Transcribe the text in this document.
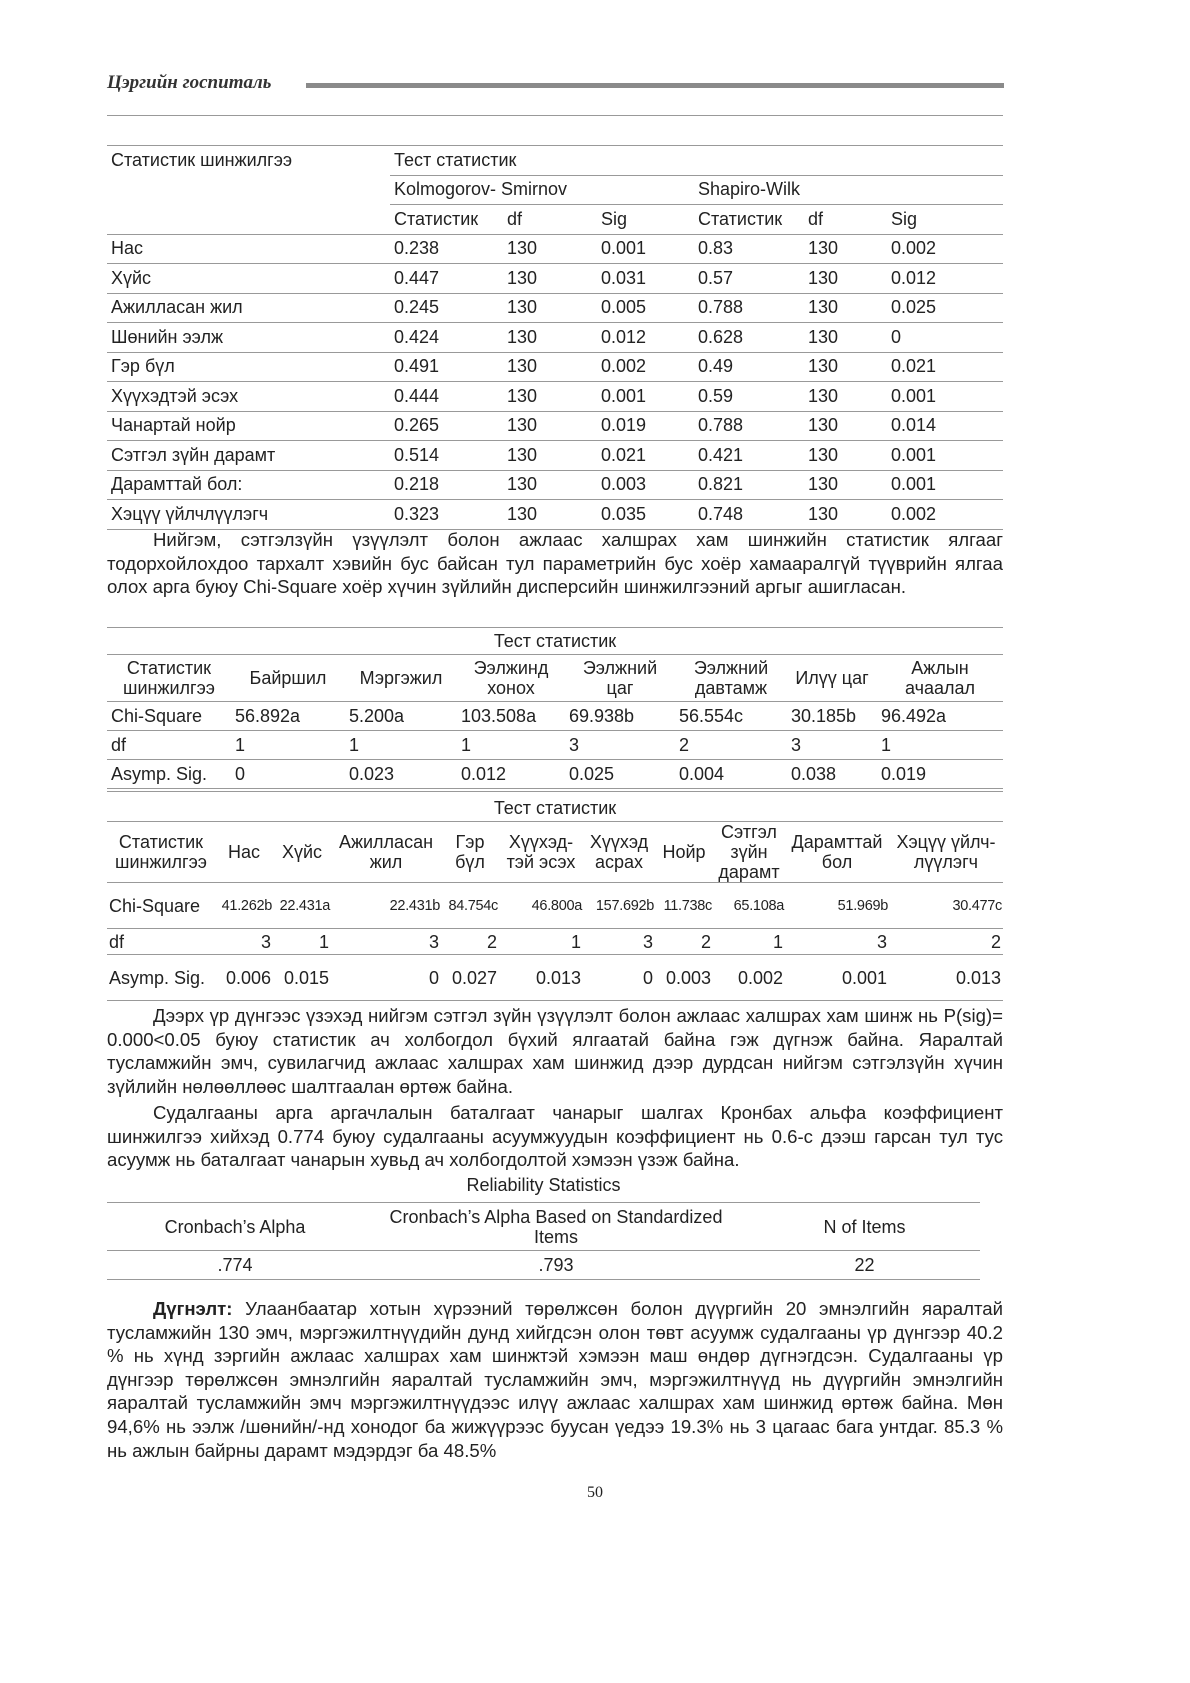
Цэргийн госпиталь
Статистик шинжилгээ	Тест статистик					
	Kolmogorov- Smirnov			Shapiro-Wilk		
	Статистик	df	Sig	Статистик	df	Sig
Нас	0.238	130	0.001	0.83	130	0.002
Хүйс	0.447	130	0.031	0.57	130	0.012
Ажилласан жил	0.245	130	0.005	0.788	130	0.025
Шөнийн ээлж	0.424	130	0.012	0.628	130	0
Гэр бүл	0.491	130	0.002	0.49	130	0.021
Хүүхэдтэй эсэх	0.444	130	0.001	0.59	130	0.001
Чанартай нойр	0.265	130	0.019	0.788	130	0.014
Сэтгэл зүйн дарамт	0.514	130	0.021	0.421	130	0.001
Дарамттай бол:	0.218	130	0.003	0.821	130	0.001
Хэцүү үйлчлүүлэгч	0.323	130	0.035	0.748	130	0.002
Нийгэм, сэтгэлзүйн үзүүлэлт болон ажлаас халшрах хам шинжийн статистик ялгааг тодорхойлохдоо тархалт хэвийн бус байсан тул параметрийн бус хоёр хамааралгүй түүврийн ялгаа олох арга буюу Chi-Square хоёр хүчин зүйлийн дисперсийн шинжилгээний аргыг ашигласан.
Тест статистик							
Статистик шинжилгээ	Байршил	Мэргэжил	Ээлжинд хонох	Ээлжний цаг	Ээлжний давтамж	Илүү цаг	Ажлын ачаалал
Chi-Square	56.892a	5.200a	103.508a	69.938b	56.554c	30.185b	96.492a
df	1	1	1	3	2	3	1
Asymp. Sig.	0	0.023	0.012	0.025	0.004	0.038	0.019
Тест статистик										
Статистик шинжилгээ	Нас	Хүйс	Ажилласан жил	Гэр бүл	Хүүхэд-тэй эсэх	Хүүхэд асрах	Нойр	Сэтгэл зүйн дарамт	Дарамттай бол	Хэцүү үйлч-лүүлэгч
Chi-Square	41.262b	22.431a	22.431b	84.754c	46.800a	157.692b	11.738c	65.108a	51.969b	30.477c
df	3	1	3	2	1	3	2	1	3	2
Asymp. Sig.	0.006	0.015	0	0.027	0.013	0	0.003	0.002	0.001	0.013
Дээрх үр дүнгээс үзэхэд нийгэм сэтгэл зүйн үзүүлэлт болон ажлаас халшрах хам шинж нь P(sig)= 0.000<0.05 буюу статистик ач холбогдол бүхий ялгаатай байна гэж дүгнэж байна. Яаралтай тусламжийн эмч, сувилагчид ажлаас халшрах хам шинжид дээр дурдсан нийгэм сэтгэлзүйн хүчин зүйлийн нөлөөллөөс шалтгаалан өртөж байна.
Судалгааны арга аргачлалын баталгаат чанарыг шалгах Кронбах альфа коэффициент шинжилгээ хийхэд 0.774 буюу судалгааны асуумжуудын коэффициент нь 0.6-с дээш гарсан тул тус асуумж нь баталгаат чанарын хувьд ач холбогдолтой хэмээн үзэж байна.
Reliability Statistics
Cronbach’s Alpha	Cronbach’s Alpha Based on Standardized Items	N of Items
.774	.793	22
Дүгнэлт: Улаанбаатар хотын хүрээний төрөлжсөн болон дүүргийн 20 эмнэлгийн яаралтай тусламжийн 130 эмч, мэргэжилтнүүдийн дунд хийгдсэн олон төвт асуумж судалгааны үр дүнгээр 40.2 % нь хүнд зэргийн ажлаас халшрах хам шинжтэй хэмээн маш өндөр дүгнэгдсэн. Судалгааны үр дүнгээр төрөлжсөн эмнэлгийн яаралтай тусламжийн эмч, мэргэжилтнүүд нь дүүргийн эмнэлгийн яаралтай тусламжийн эмч мэргэжилтнүүдээс илүү ажлаас халшрах хам шинжид өртөж байна. Мөн 94,6% нь ээлж /шөнийн/-нд хонодог ба жижүүрээс буусан үедээ 19.3% нь 3 цагаас бага унтдаг. 85.3 % нь ажлын байрны дарамт мэдэрдэг ба 48.5%
50
